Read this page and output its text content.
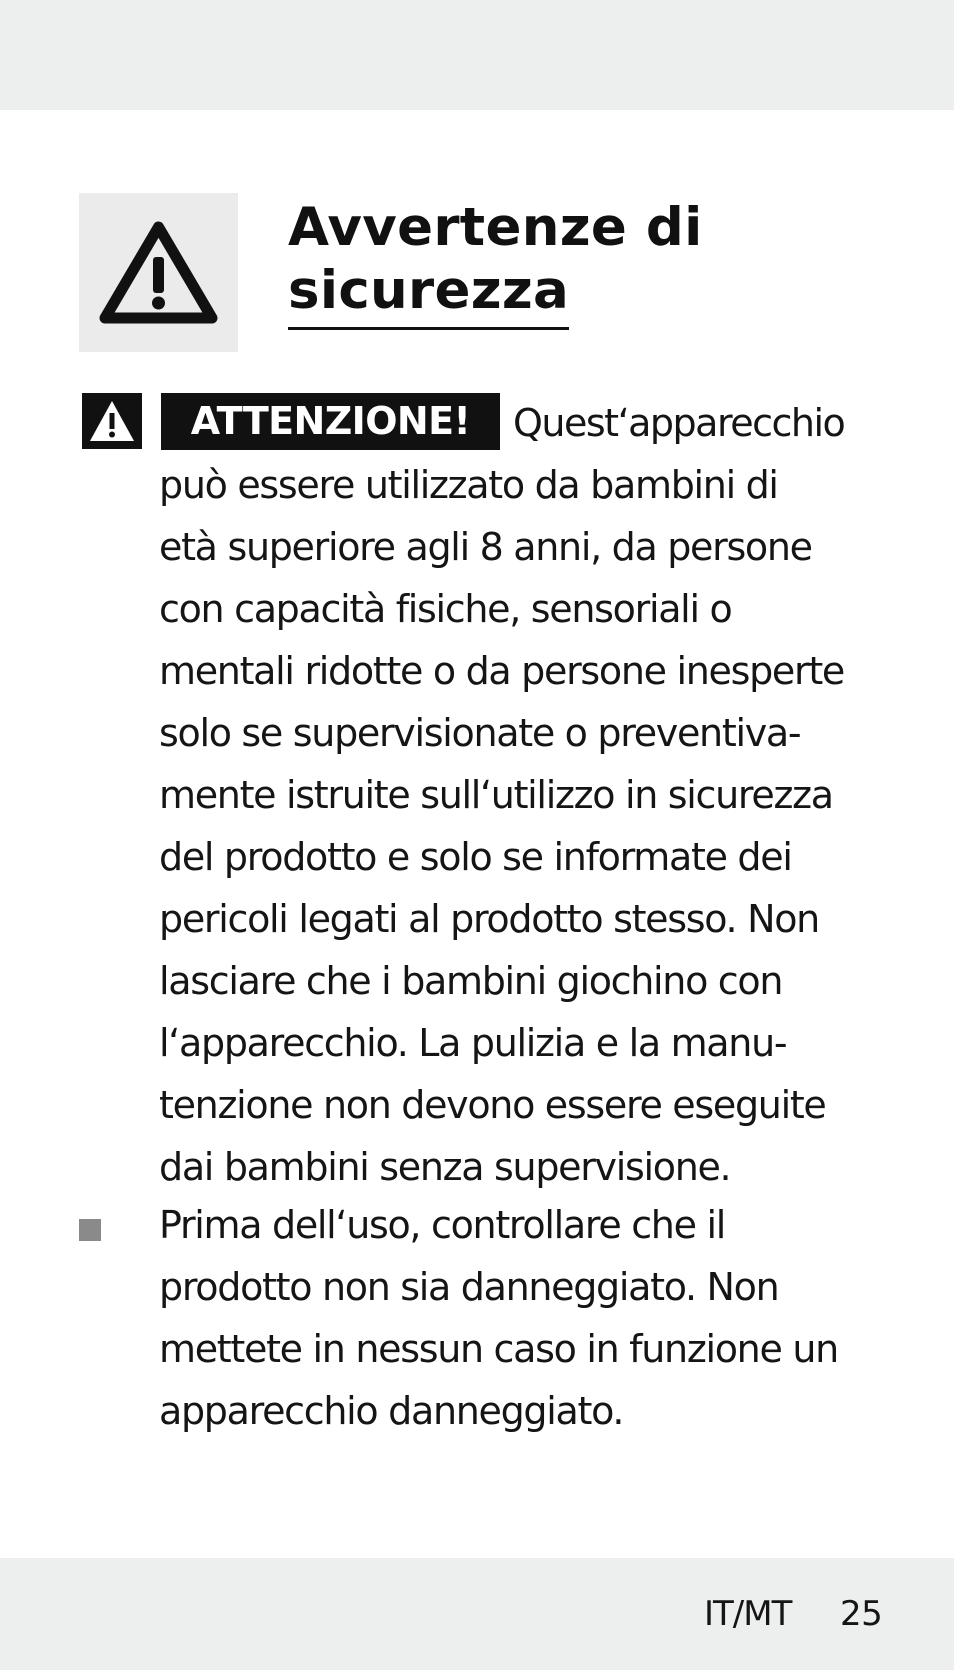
Avvertenze di
sicurezza
ATTENZIONE!	Quest‘apparecchio
può essere utilizzato da bambini di
età superiore agli 8 anni, da persone
con capacità fisiche, sensoriali o
mentali ridotte o da persone inesperte
solo se supervisionate o preventiva-
mente istruite sull‘utilizzo in sicurezza
del prodotto e solo se informate dei
pericoli legati al prodotto stesso. Non
lasciare che i bambini giochino con
l‘apparecchio. La pulizia e la manu-
tenzione non devono essere eseguite
dai bambini senza supervisione.
Prima dell‘uso, controllare che il
prodotto non sia danneggiato. Non
mettete in nessun caso in funzione un
apparecchio danneggiato.
IT/MT 25
